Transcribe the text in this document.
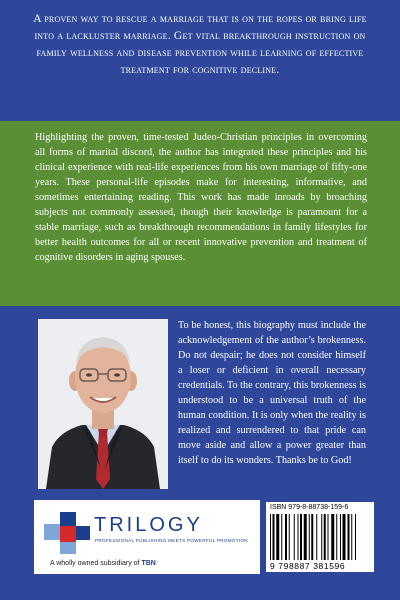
A proven way to rescue a marriage that is on the ropes or bring life into a lackluster marriage. Get vital breakthrough instruction on family wellness and disease prevention while learning of effective treatment for cognitive decline.
Highlighting the proven, time-tested Judeo-Christian principles in overcoming all forms of marital discord, the author has integrated these principles and his clinical experience with real-life experiences from his own marriage of fifty-one years. These personal-life episodes make for interesting, informative, and sometimes entertaining reading. This work has made inroads by broaching subjects not commonly assessed, though their knowledge is paramount for a stable marriage, such as breakthrough recommendations in family lifestyles for better health outcomes for all or recent innovative prevention and treatment of cognitive disorders in aging spouses.
To be honest, this biography must include the acknowledgement of the author’s brokenness. Do not despair; he does not consider himself a loser or deficient in overall necessary credentials. To the contrary, this brokenness is understood to be a universal truth of the human condition. It is only when the reality is realized and surrendered to that pride can move aside and allow a power greater than itself to do its wonders. Thanks be to God!
TRILOGY
PROFESSIONAL PUBLISHING MEETS POWERFUL PROMOTION
A wholly owned subsidiary of TBN
ISBN 979-8-88738-159-6
9 798887 381596
